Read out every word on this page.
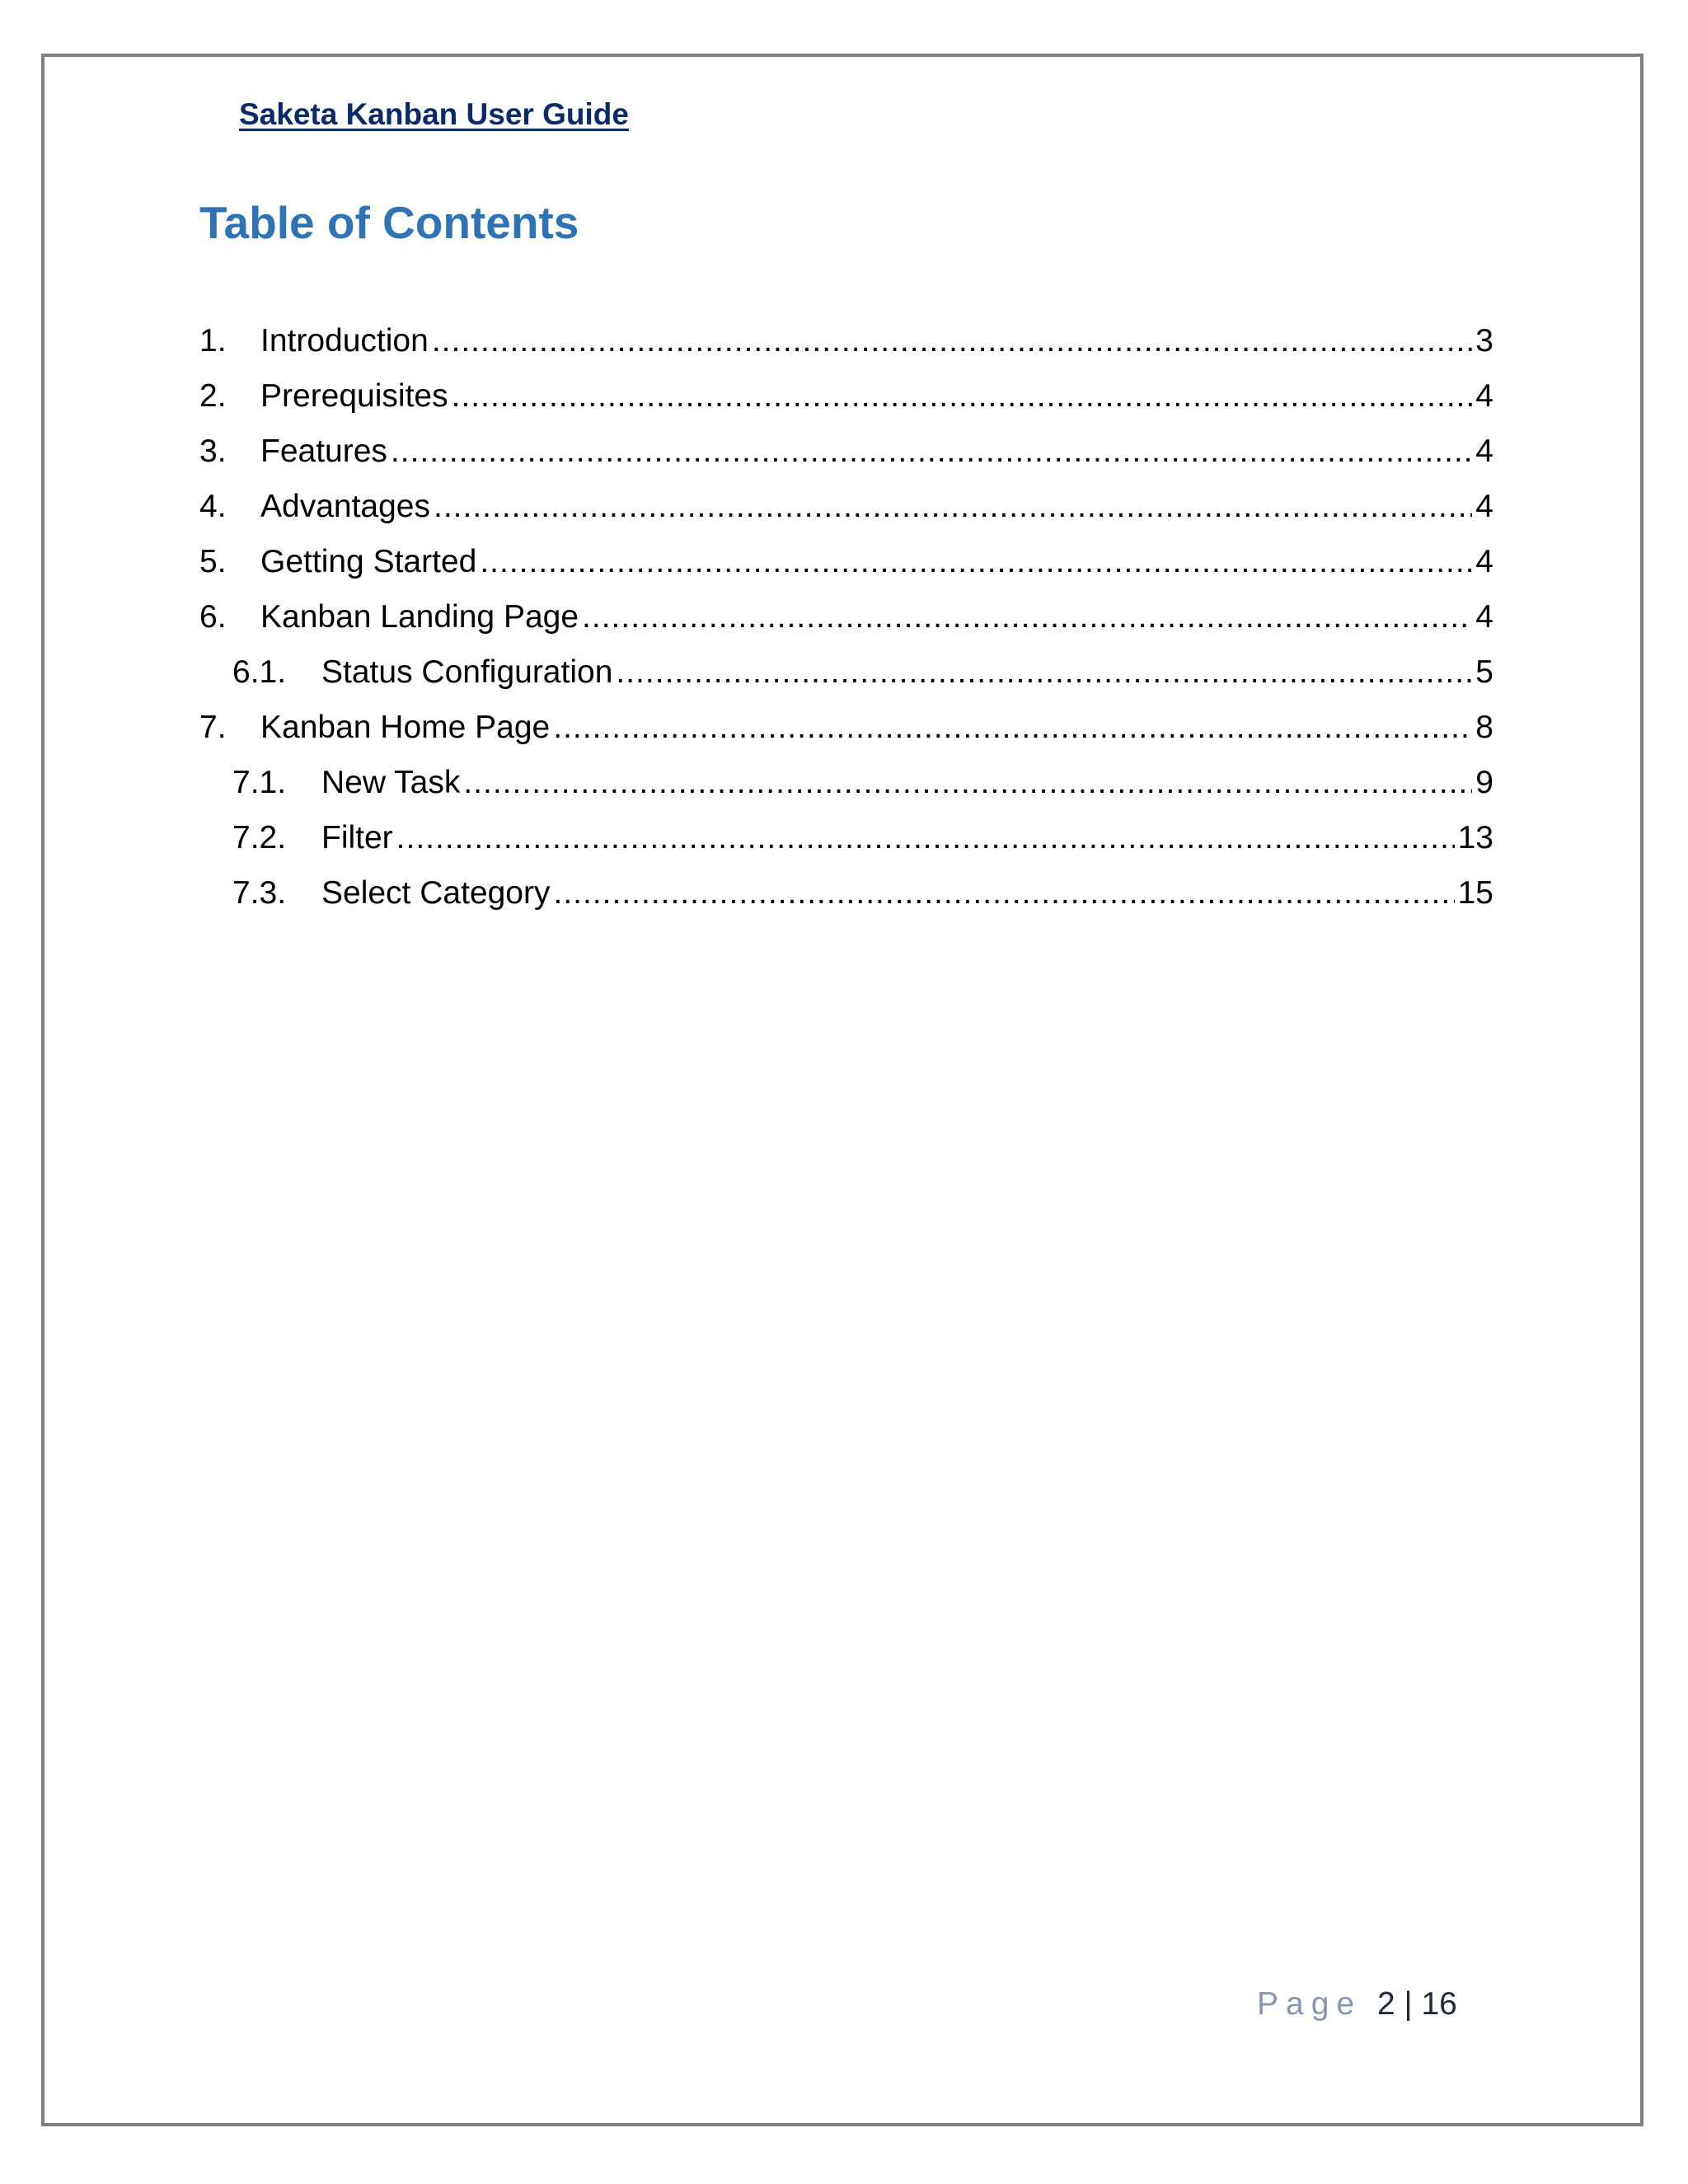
Saketa Kanban User Guide
Table of Contents
1.	Introduction .....	3
2.	Prerequisites .....	4
3.	Features .....	4
4.	Advantages .....	4
5.	Getting Started .....	4
6.	Kanban Landing Page .....	4
6.1.	Status Configuration .....	5
7.	Kanban Home Page .....	8
7.1.	New Task .....	9
7.2.	Filter .....	13
7.3.	Select Category .....	15
Page 2 | 16
